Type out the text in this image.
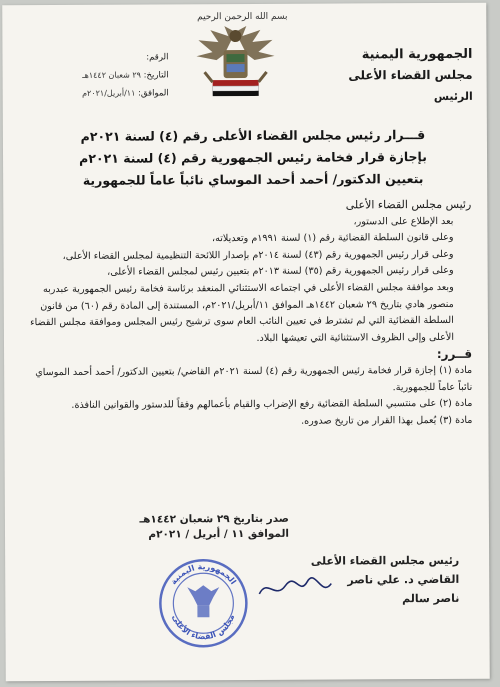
بسم الله الرحمن الرحيم
الجمهورية اليمنية
مجلس القضاء الأعلى
الرئيس
الرقم:
التاريخ: ٢٩ شعبان ١٤٤٢هـ
الموافق: ١١/أبريل/٢٠٢١م
قـــرار رئيس مجلس القضاء الأعلى رقم (٤) لسنة ٢٠٢١م
بإجازة قرار فخامة رئيس الجمهورية رقم (٤) لسنة ٢٠٢١م
بتعيين الدكتور/ أحمد أحمد الموساي نائباً عاماً للجمهورية

رئيس مجلس القضاء الأعلى

بعد الإطلاع على الدستور،

وعلى قانون السلطة القضائية رقم (١) لسنة ١٩٩١م وتعديلاته،

وعلى قرار رئيس الجمهورية رقم (٤٣) لسنة ٢٠١٤م بإصدار اللائحة التنظيمية لمجلس القضاء الأعلى،

وعلى قرار رئيس الجمهورية رقم (٣٥) لسنة ٢٠١٣م بتعيين رئيس لمجلس القضاء الأعلى،

وبعد موافقة مجلس القضاء الأعلى في اجتماعه الاستثنائي المنعقد برئاسة فخامة رئيس الجمهورية عبدربه منصور هادي بتاريخ ٢٩ شعبان ١٤٤٢هـ الموافق ١١/أبريل/٢٠٢١م، المستندة إلى المادة رقم (٦٠) من قانون السلطة القضائية التي لم تشترط في تعيين النائب العام سوى ترشيح رئيس المجلس وموافقة مجلس القضاء الأعلى وإلى الظروف الاستثنائية التي تعيشها البلاد.

قــرر:

مادة (١) إجازة قرار فخامة رئيس الجمهورية رقم (٤) لسنة ٢٠٢١م القاضي/ بتعيين الدكتور/ أحمد أحمد الموساي نائباً عاماً للجمهورية.

مادة (٢) على منتسبي السلطة القضائية رفع الإضراب والقيام بأعمالهم وفقاً للدستور والقوانين النافذة.

مادة (٣) يُعمل بهذا القرار من تاريخ صدوره.

صدر بتاريخ ٢٩ شعبان ١٤٤٢هـ
الموافق ١١ / أبريل / ٢٠٢١م
رئيس مجلس القضاء الأعلى
القاضي د. علي ناصر
ناصر سالم
الجمهورية اليمنية
مجلس القضاء الأعلى
